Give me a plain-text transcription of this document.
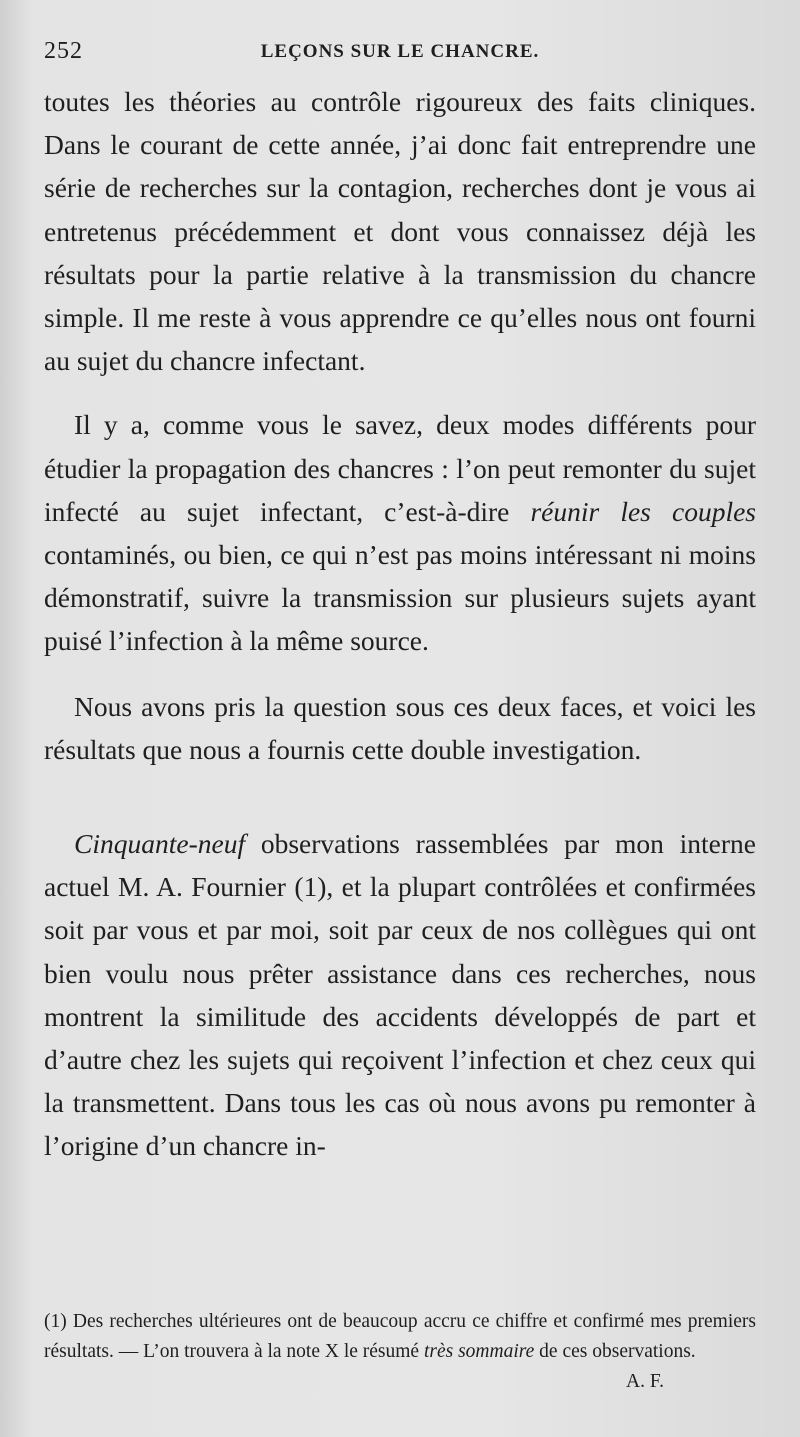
252	LEÇONS SUR LE CHANCRE.

toutes les théories au contrôle rigoureux des faits cliniques. Dans le courant de cette année, j’ai donc fait entreprendre une série de recherches sur la contagion, recherches dont je vous ai entretenus précédemment et dont vous connaissez déjà les résultats pour la partie relative à la transmission du chancre simple. Il me reste à vous apprendre ce qu’elles nous ont fourni au sujet du chancre infectant.

Il y a, comme vous le savez, deux modes différents pour étudier la propagation des chancres : l’on peut remonter du sujet infecté au sujet infectant, c’est-à-dire réunir les couples contaminés, ou bien, ce qui n’est pas moins intéressant ni moins démonstratif, suivre la transmission sur plusieurs sujets ayant puisé l’infection à la même source.

Nous avons pris la question sous ces deux faces, et voici les résultats que nous a fournis cette double investigation.

Cinquante-neuf observations rassemblées par mon interne actuel M. A. Fournier (1), et la plupart contrôlées et confirmées soit par vous et par moi, soit par ceux de nos collègues qui ont bien voulu nous prêter assistance dans ces recherches, nous montrent la similitude des accidents développés de part et d’autre chez les sujets qui reçoivent l’infection et chez ceux qui la transmettent. Dans tous les cas où nous avons pu remonter à l’origine d’un chancre in-

(1) Des recherches ultérieures ont de beaucoup accru ce chiffre et confirmé mes premiers résultats. — L’on trouvera à la note X le résumé très sommaire de ces observations.
A. F.
